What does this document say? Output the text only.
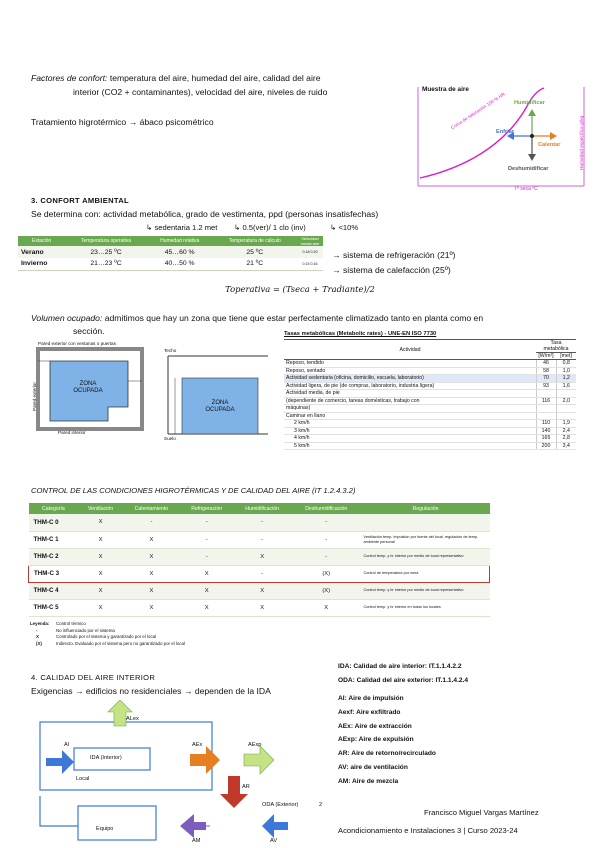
Factores de confort: temperatura del aire, humedad del aire, calidad del aire
interior (CO2 + contaminantes), velocidad del aire, niveles de ruido
Tratamiento higrotérmico → ábaco psicométrico
Muestra de aire
Humidificar
Enfriar
Calentar
Deshumidificar
Curva de saturación 100 % HR
Tª seca ºC
Humedad específica g/kg
3. CONFORT AMBIENTAL
Se determina con: actividad metabólica, grado de vestimenta, ppd (personas insatisfechas)
↳ sedentaria 1.2 met ↳ 0.5(ver)/ 1 clo (inv)	↳ <10%
Estación	Temperatura operativa	Humedad relativa	Temperatura de cálculo	Velocidad media aire
Verano	23…25 ºC	45…60 %	25 ºC	0.18 0.20
Invierno	21…23 ºC	40…50 %	21 ºC	0.15 0.16
→ sistema de refrigeración (21º)
→ sistema de calefacción (25º)
Toperativa = (Tseca + Tradiante)/2
Volumen ocupado: admitimos que hay un zona que tiene que estar perfectamente climatizado tanto en planta como en
sección.
Pared exterior con ventanas o puertas
ZONA OCUPADA
Pared interior
Pared exterior
Techo
Suelo
ZONA OCUPADA
Tasas metabólicas (Metabolic rates) - UNE-EN ISO 7730
Actividad	Tasa metabólica	
	[W/m²]	[met]
Reposo, tendido	46	0,8
Reposo, sentado	58	1,0
Actividad sedentaria (oficina, domicilio, escuela, laboratorio)	70	1,2
Actividad ligera, de pie (de compras, laboratorio, industria ligera)	93	1,6
Actividad media, de pie		
(dependiente de comercio, tareas domésticas, trabajo con	116	2,0
máquinas)		
Caminar en llano		
2 km/h	110	1,9
3 km/h	140	2,4
4 km/h	165	2,8
5 km/h	200	3,4
CONTROL DE LAS CONDICIONES HIGROTÉRMICAS Y DE CALIDAD DEL AIRE (IT 1.2.4.3.2)
Categoría	Ventilación	Calentamiento	Refrigeración	Humidificación	Deshumidificación	Regulación
THM-C 0	X	-	-	-	-	
THM-C 1	X	X	-	-	-	Ventilación temp. impulsión por fuente del local, regulación de temp. ambiente personal
THM-C 2	X	X	-	X	-	Control temp. y hr interior por medio de local representativo
THM-C 3	X	X	X	-	(X)	Control de temperatura por zona
THM-C 4	X	X	X	X	(X)	Control temp. y hr interior por medio de local representativo
THM-C 5	X	X	X	X	X	Control temp. y hr interior en todos los locales
Leyenda: Control térmico
-	No influenciado por el sistema
X	Controlado por el sistema y garantizado por el local
(X)	Indirecto. Evaluado por el sistema pero no garantizado por el local
4. CALIDAD DEL AIRE INTERIOR
Exigencias → edificios no residenciales → dependen de la IDA
IDA: Calidad de aire interior: IT.1.1.4.2.2
ODA: Calidad del aire exterior: IT.1.1.4.2.4
AI: Aire de impulsión
Aexf: Aire exfiltrado
AEx: Aire de extracción
AExp: Aire de expulsión
AR: Aire de retorno/recirculado
AV: aire de ventilación
AM: Aire de mezcla
AI
ALex
IDA (Interior)
Local
AEx	AExp
AR
ODA (Exterior)	2
Equipo
AM	AV
Francisco Miguel Vargas Martínez
Acondicionamiento e Instalaciones 3 | Curso 2023-24
